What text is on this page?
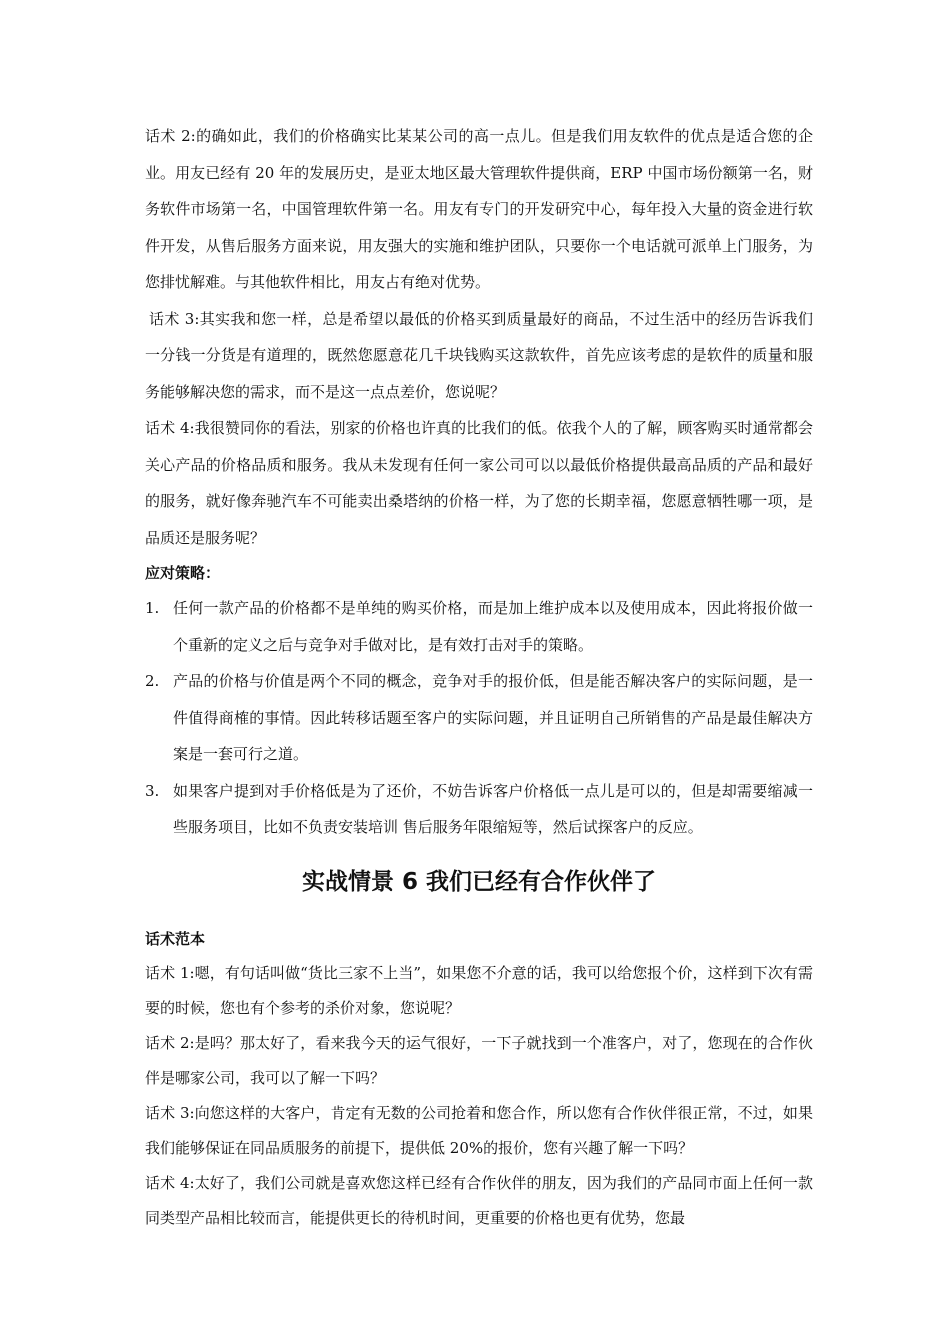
话术 2:的确如此，我们的价格确实比某某公司的高一点儿。但是我们用友软件的优点是适合您的企业。用友已经有 20 年的发展历史，是亚太地区最大管理软件提供商，ERP 中国市场份额第一名，财务软件市场第一名，中国管理软件第一名。用友有专门的开发研究中心，每年投入大量的资金进行软件开发，从售后服务方面来说，用友强大的实施和维护团队，只要你一个电话就可派单上门服务，为您排忧解难。与其他软件相比，用友占有绝对优势。

话术 3:其实我和您一样，总是希望以最低的价格买到质量最好的商品，不过生活中的经历告诉我们一分钱一分货是有道理的，既然您愿意花几千块钱购买这款软件，首先应该考虑的是软件的质量和服务能够解决您的需求，而不是这一点点差价，您说呢？

话术 4:我很赞同你的看法，别家的价格也许真的比我们的低。依我个人的了解，顾客购买时通常都会关心产品的价格品质和服务。我从未发现有任何一家公司可以以最低价格提供最高品质的产品和最好的服务，就好像奔驰汽车不可能卖出桑塔纳的价格一样，为了您的长期幸福，您愿意牺牲哪一项，是品质还是服务呢？

应对策略：

1. 任何一款产品的价格都不是单纯的购买价格，而是加上维护成本以及使用成本，因此将报价做一个重新的定义之后与竞争对手做对比，是有效打击对手的策略。

2. 产品的价格与价值是两个不同的概念，竞争对手的报价低，但是能否解决客户的实际问题，是一件值得商榷的事情。因此转移话题至客户的实际问题，并且证明自己所销售的产品是最佳解决方案是一套可行之道。

3. 如果客户提到对手价格低是为了还价，不妨告诉客户价格低一点儿是可以的，但是却需要缩减一些服务项目，比如不负责安装培训 售后服务年限缩短等，然后试探客户的反应。

实战情景 6 我们已经有合作伙伴了

话术范本

话术 1:嗯，有句话叫做“货比三家不上当”，如果您不介意的话，我可以给您报个价，这样到下次有需要的时候，您也有个参考的杀价对象，您说呢？

话术 2:是吗？那太好了，看来我今天的运气很好，一下子就找到一个准客户，对了，您现在的合作伙伴是哪家公司，我可以了解一下吗？

话术 3:向您这样的大客户，肯定有无数的公司抢着和您合作，所以您有合作伙伴很正常，不过，如果我们能够保证在同品质服务的前提下，提供低 20%的报价，您有兴趣了解一下吗？

话术 4:太好了，我们公司就是喜欢您这样已经有合作伙伴的朋友，因为我们的产品同市面上任何一款同类型产品相比较而言，能提供更长的待机时间，更重要的价格也更有优势，您最
